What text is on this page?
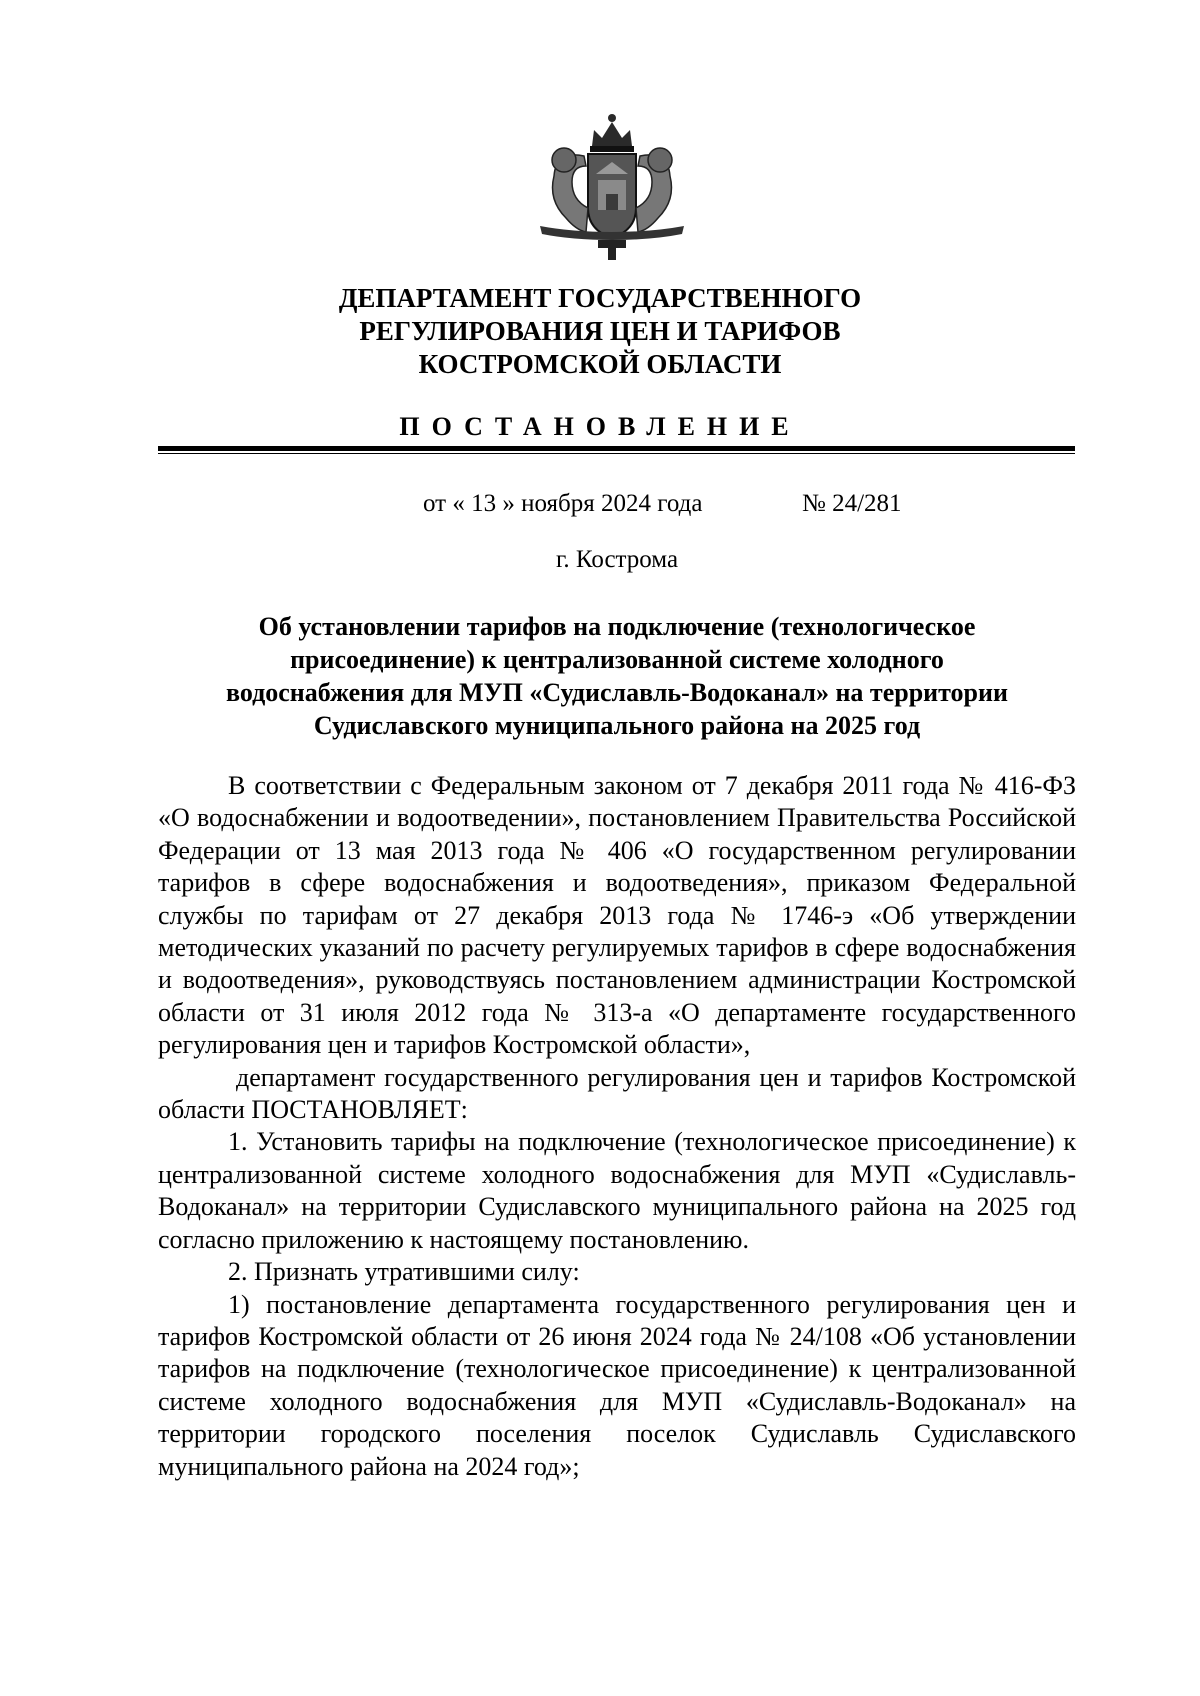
ДЕПАРТАМЕНТ ГОСУДАРСТВЕННОГО
РЕГУЛИРОВАНИЯ ЦЕН И ТАРИФОВ
КОСТРОМСКОЙ ОБЛАСТИ
ПОСТАНОВЛЕНИЕ
от « 13 » ноября 2024 года	№ 24/281
г. Кострома
Об установлении тарифов на подключение (технологическое
присоединение) к централизованной системе холодного
водоснабжения для МУП «Судиславль-Водоканал» на территории
Судиславского муниципального района на 2025 год

В соответствии с Федеральным законом от 7 декабря 2011 года № 416-ФЗ «О водоснабжении и водоотведении», постановлением Правительства Российской Федерации от 13 мая 2013 года № 406 «О государственном регулировании тарифов в сфере водоснабжения и водоотведения», приказом Федеральной службы по тарифам от 27 декабря 2013 года № 1746-э «Об утверждении методических указаний по расчету регулируемых тарифов в сфере водоснабжения и водоотведения», руководствуясь постановлением администрации Костромской области от 31 июля 2012 года № 313-а «О департаменте государственного регулирования цен и тарифов Костромской области»,

департамент государственного регулирования цен и тарифов Костромской области ПОСТАНОВЛЯЕТ:

1. Установить тарифы на подключение (технологическое присоединение) к централизованной системе холодного водоснабжения для МУП «Судиславль-Водоканал» на территории Судиславского муниципального района на 2025 год согласно приложению к настоящему постановлению.

2. Признать утратившими силу:

1) постановление департамента государственного регулирования цен и тарифов Костромской области от 26 июня 2024 года № 24/108 «Об установлении тарифов на подключение (технологическое присоединение) к централизованной системе холодного водоснабжения для МУП «Судиславль-Водоканал» на территории городского поселения поселок Судиславль Судиславского муниципального района на 2024 год»;
